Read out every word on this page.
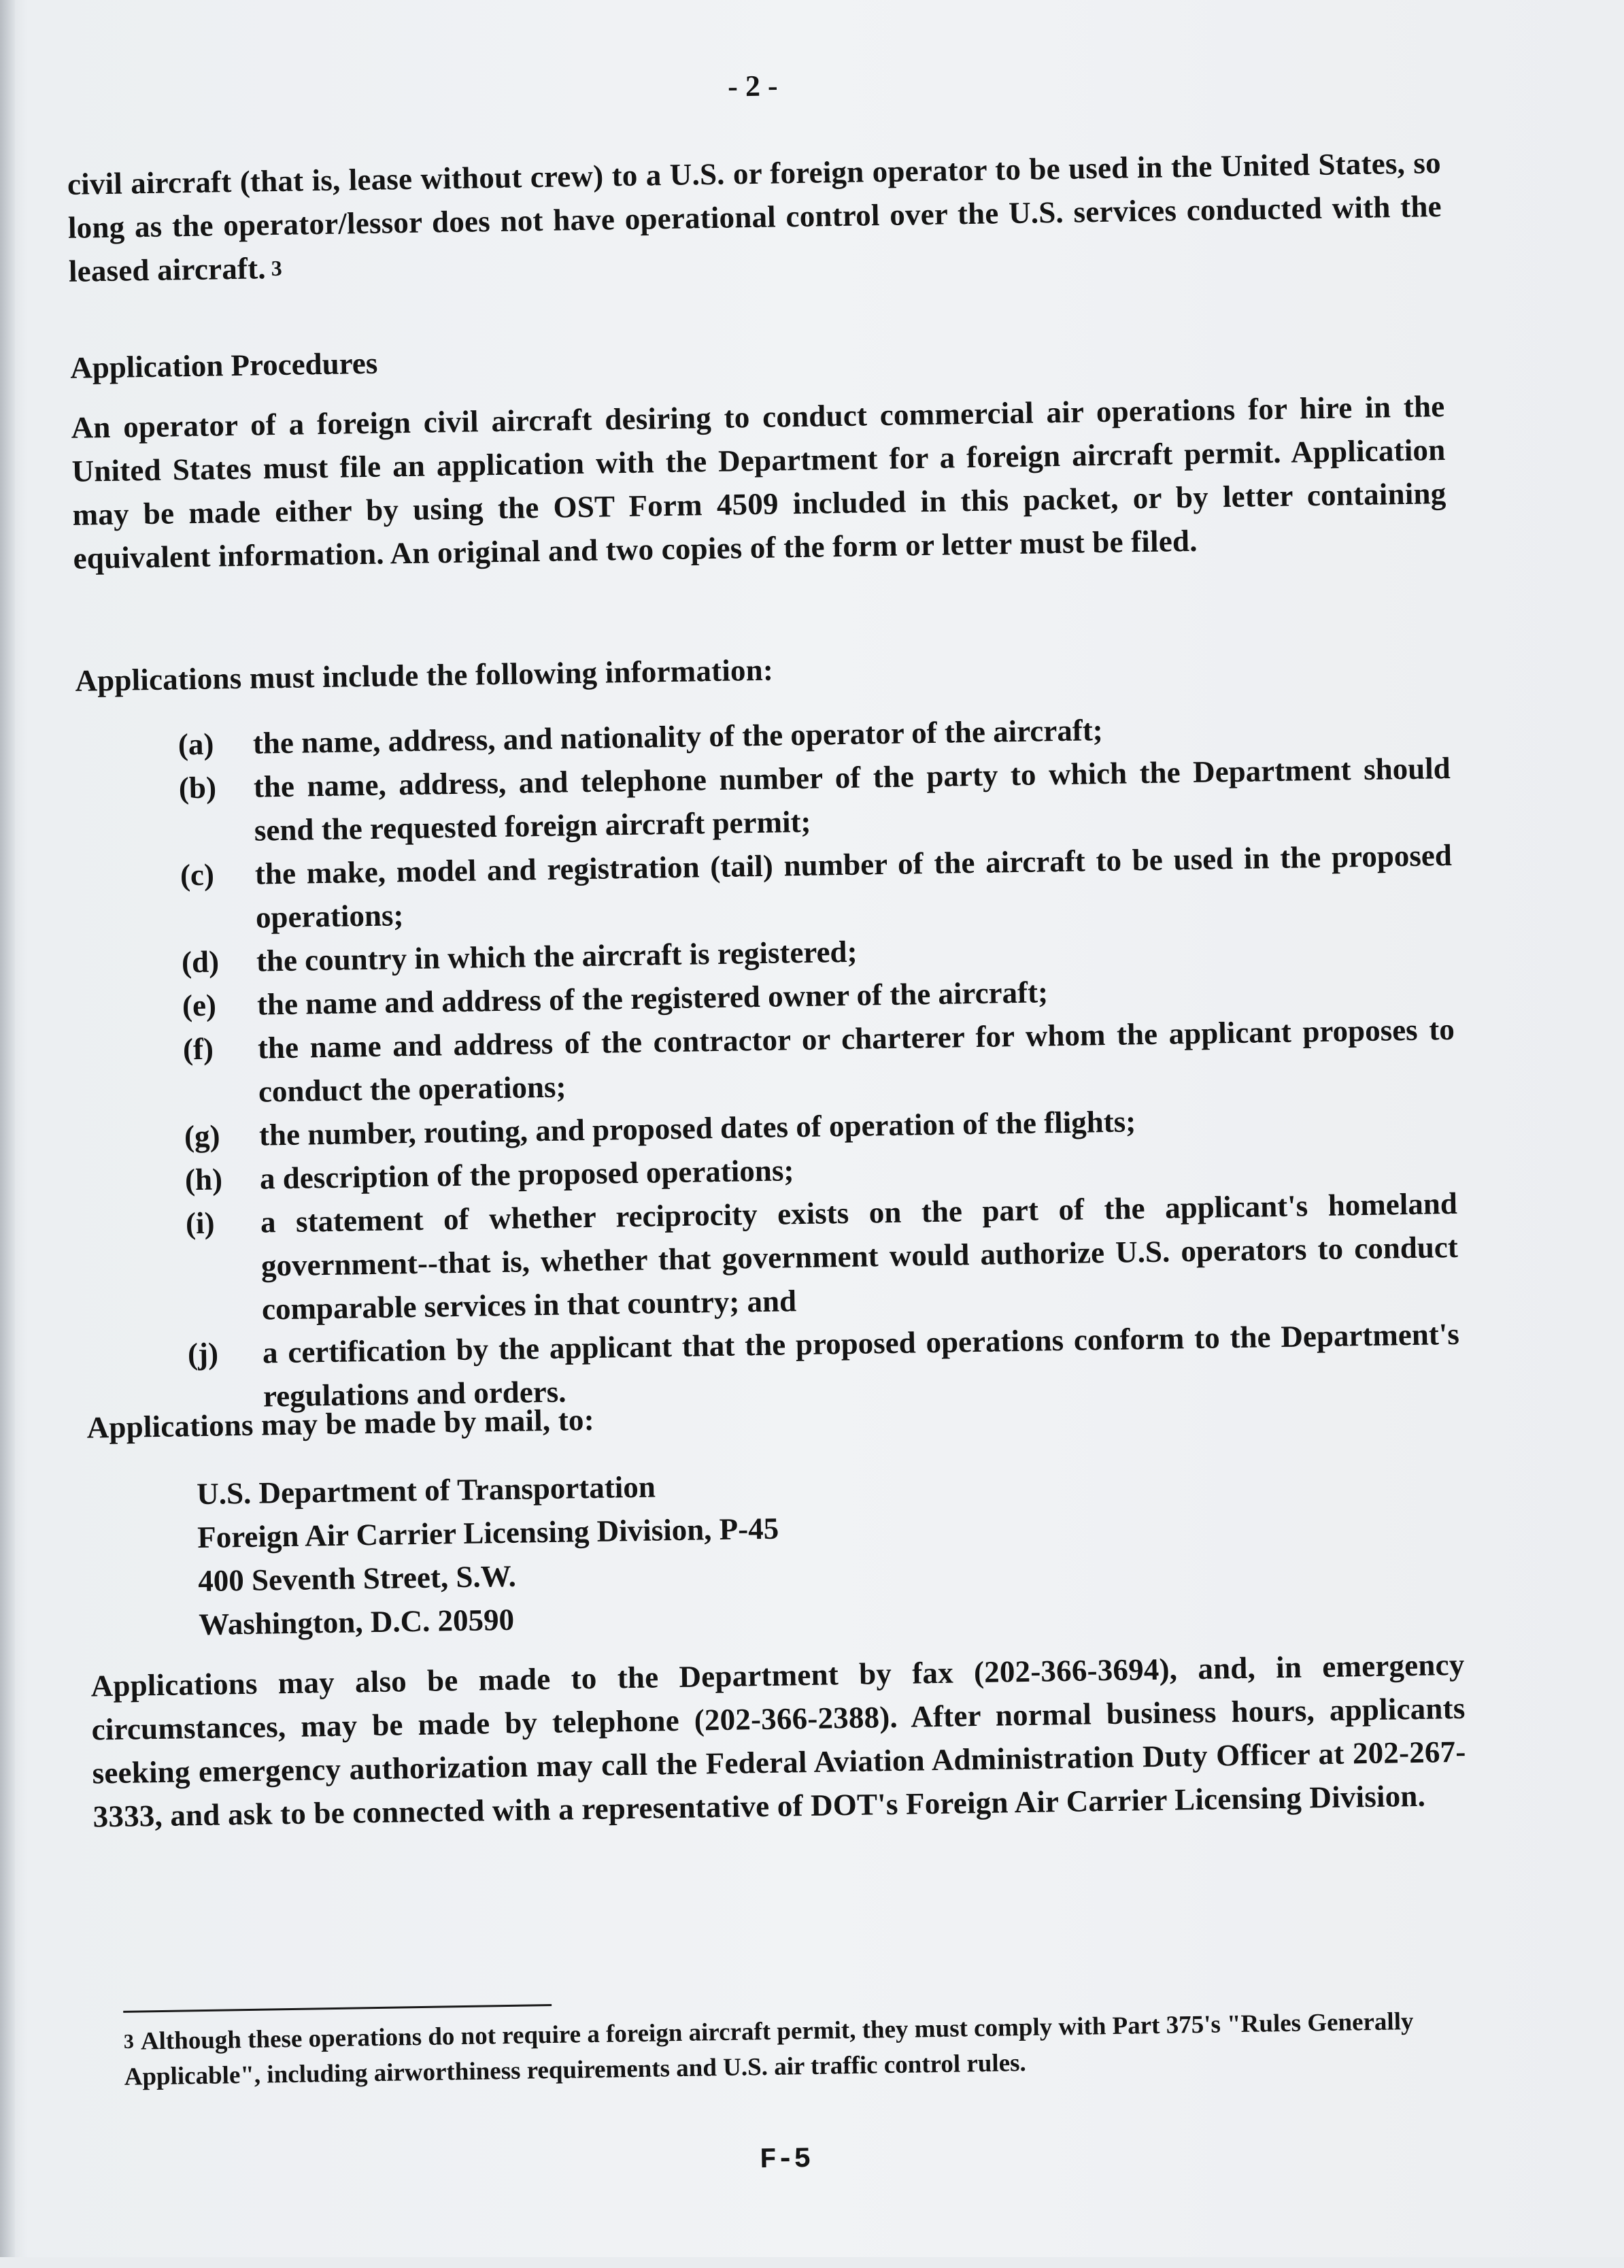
- 2 -

civil aircraft (that is, lease without crew) to a U.S. or foreign operator to be used in the United States, so long as the operator/lessor does not have operational control over the U.S. services conducted with the leased aircraft. $^3$

Application Procedures

An operator of a foreign civil aircraft desiring to conduct commercial air operations for hire in the United States must file an application with the Department for a foreign aircraft permit. Application may be made either by using the OST Form 4509 included in this packet, or by letter containing equivalent information. An original and two copies of the form or letter must be filed.

Applications must include the following information:

(a)	the name, address, and nationality of the operator of the aircraft;
(b)	the name, address, and telephone number of the party to which the Department should send the requested foreign aircraft permit;
(c)	the make, model and registration (tail) number of the aircraft to be used in the proposed operations;
(d)	the country in which the aircraft is registered;
(e)	the name and address of the registered owner of the aircraft;
(f)	the name and address of the contractor or charterer for whom the applicant proposes to conduct the operations;
(g)	the number, routing, and proposed dates of operation of the flights;
(h)	a description of the proposed operations;
(i)	a statement of whether reciprocity exists on the part of the applicant's homeland government--that is, whether that government would authorize U.S. operators to conduct comparable services in that country; and
(j)	a certification by the applicant that the proposed operations conform to the Department's regulations and orders.

Applications may be made by mail, to:

U.S. Department of Transportation
Foreign Air Carrier Licensing Division, P-45
400 Seventh Street, S.W.
Washington, D.C. 20590

Applications may also be made to the Department by fax (202-366-3694), and, in emergency circumstances, may be made by telephone (202-366-2388). After normal business hours, applicants seeking emergency authorization may call the Federal Aviation Administration Duty Officer at 202-267-3333, and ask to be connected with a representative of DOT's Foreign Air Carrier Licensing Division.

$^3$ Although these operations do not require a foreign aircraft permit, they must comply with Part 375's "Rules Generally Applicable", including airworthiness requirements and U.S. air traffic control rules.
F-5
